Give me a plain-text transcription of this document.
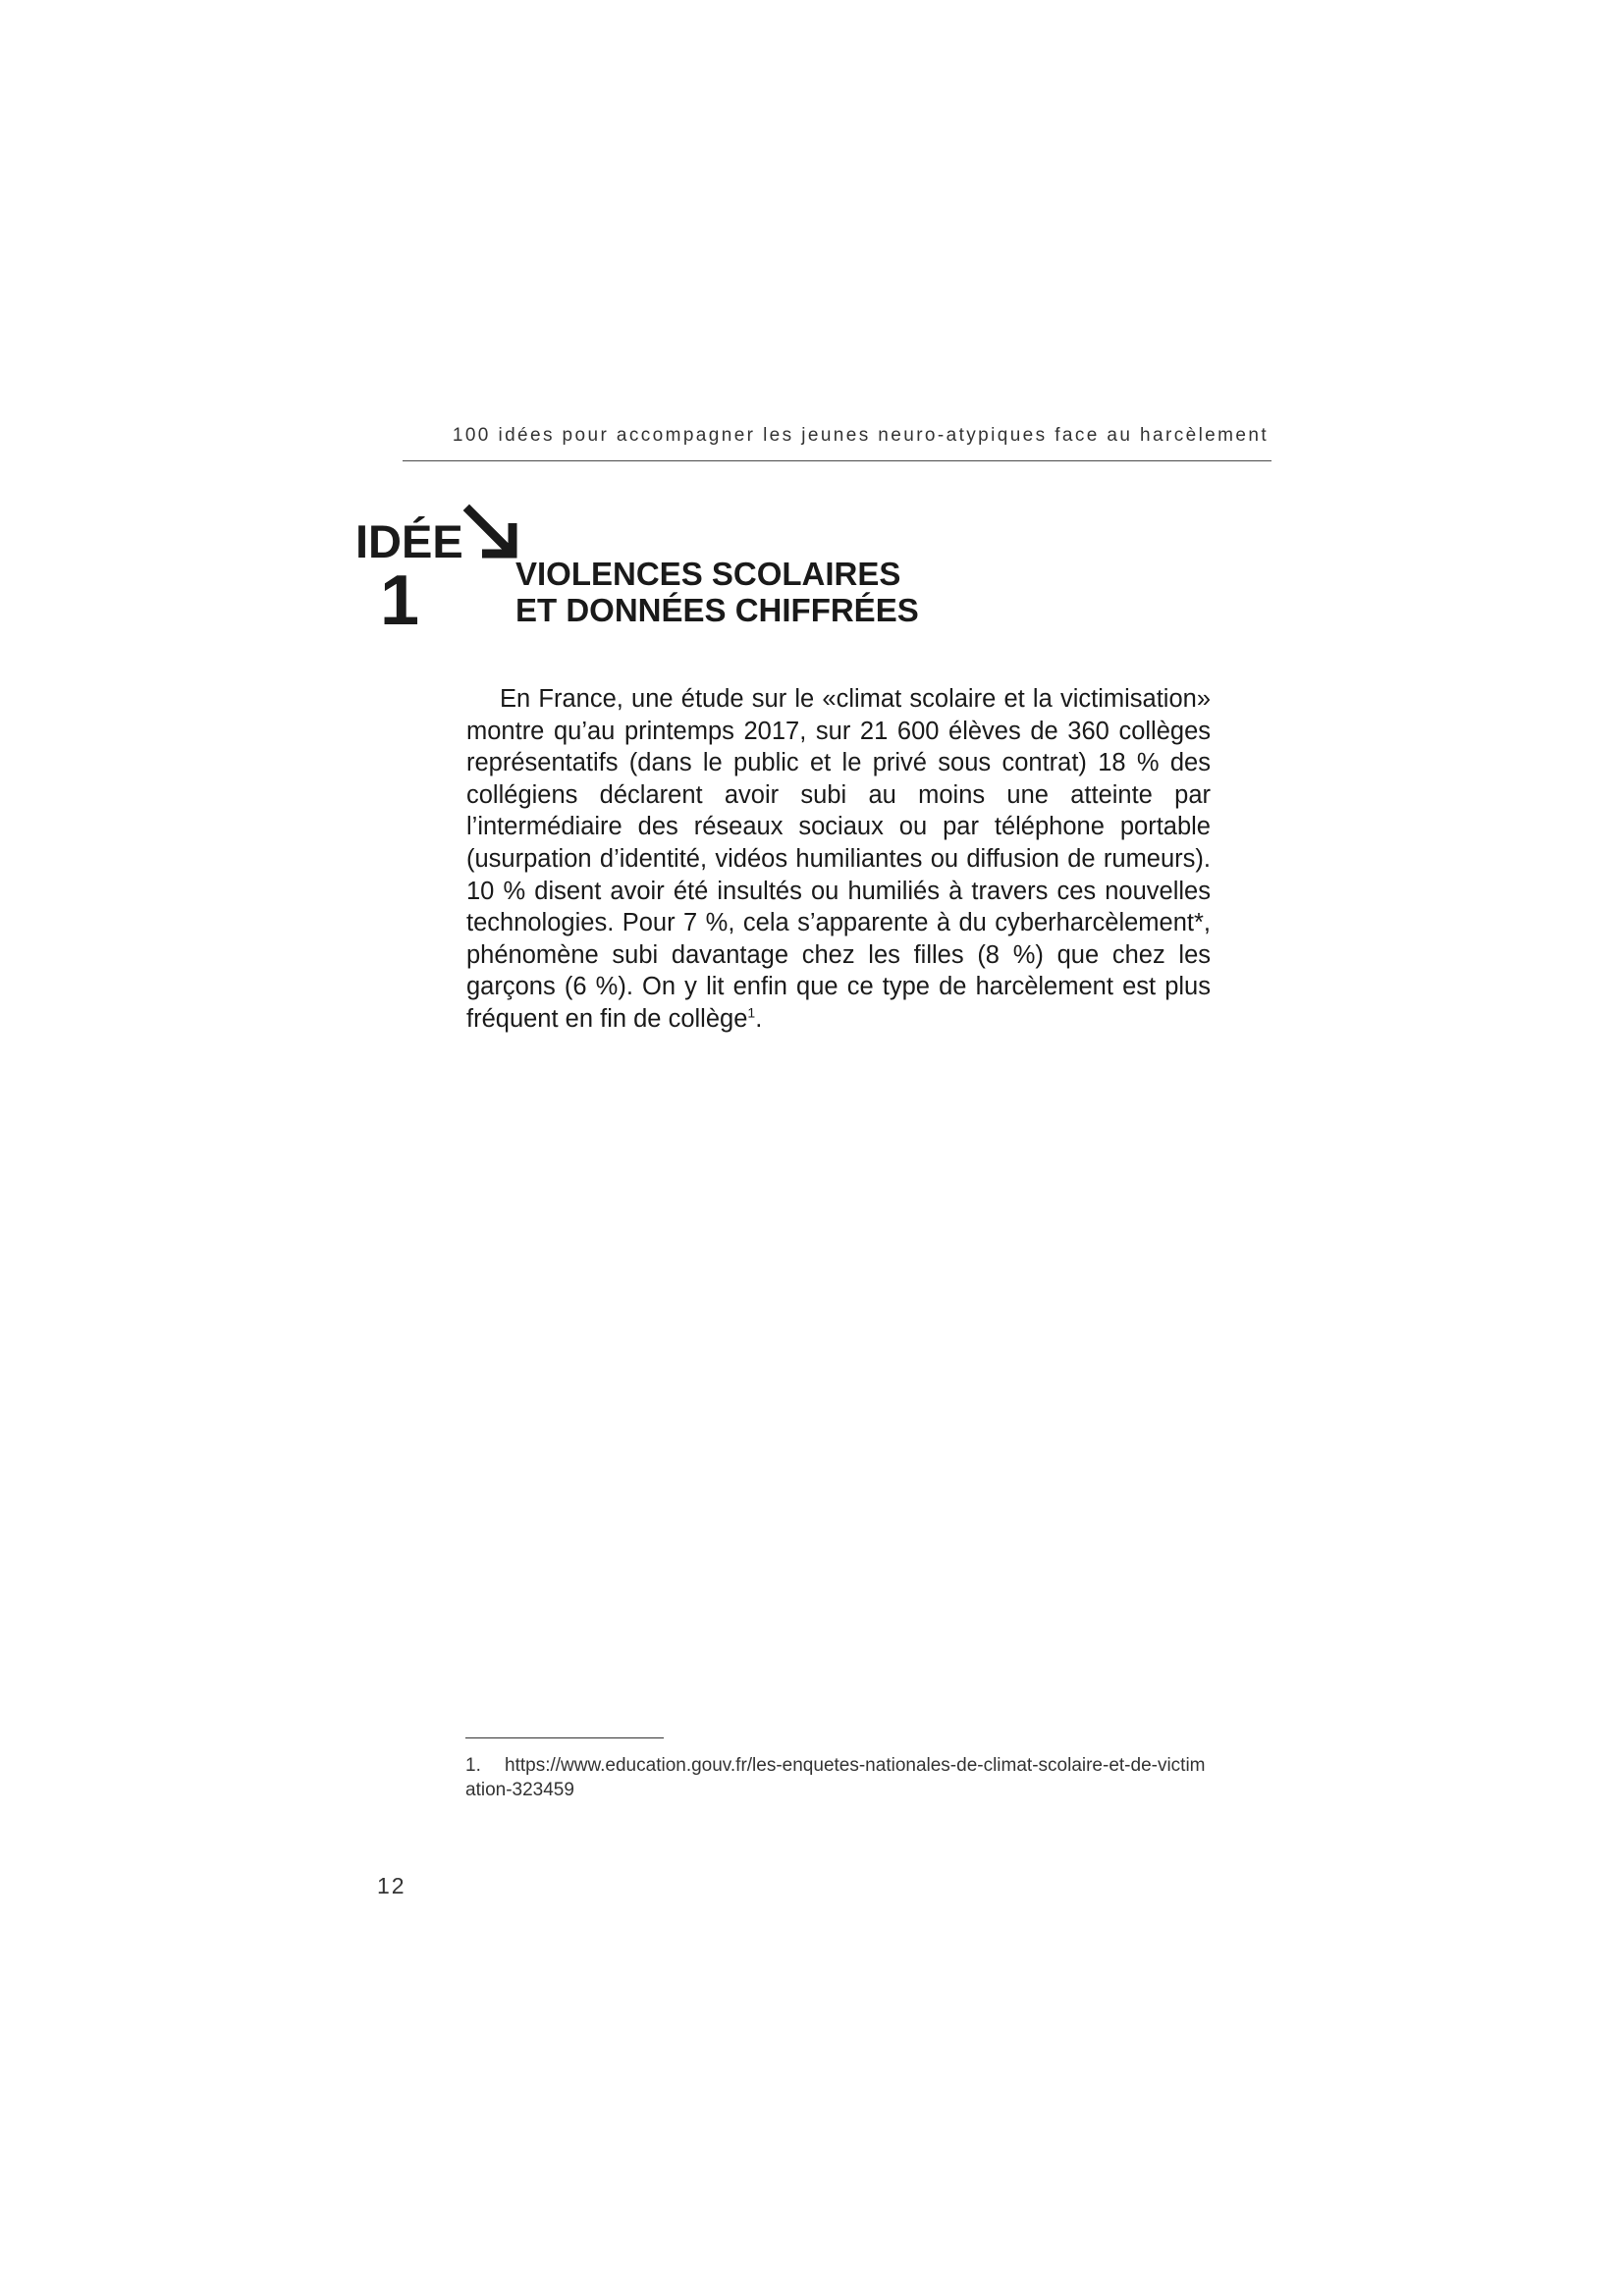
100 idées pour accompagner les jeunes neuro-atypiques face au harcèlement
IDÉE
1	VIOLENCES SCOLAIRES
ET DONNÉES CHIFFRÉES

En France, une étude sur le «climat scolaire et la victimisation» montre qu’au printemps 2017, sur 21 600 élèves de 360 collèges représentatifs (dans le public et le privé sous contrat) 18 % des collégiens déclarent avoir subi au moins une atteinte par l’intermédiaire des réseaux sociaux ou par téléphone portable (usurpation d’identité, vidéos humiliantes ou diffusion de rumeurs). 10 % disent avoir été insultés ou humiliés à travers ces nouvelles technologies. Pour 7 %, cela s’apparente à du cyberharcèlement*, phénomène subi davantage chez les filles (8 %) que chez les garçons (6 %). On y lit enfin que ce type de harcèlement est plus fréquent en fin de collège$^1$.

1. https://www.education.gouv.fr/les-enquetes-nationales-de-climat-scolaire-et-de-victimation-323459
12
